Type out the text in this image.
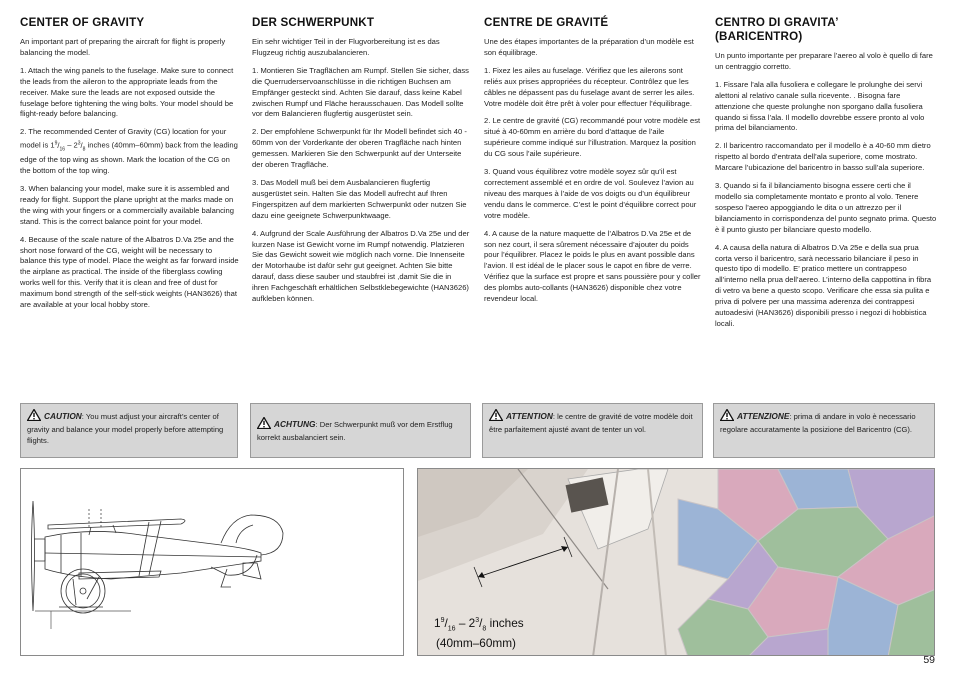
CENTER OF GRAVITY

An important part of preparing the aircraft for flight is properly balancing the model.

1. Attach the wing panels to the fuselage. Make sure to connect the leads from the aileron to the appropriate leads from the receiver. Make sure the leads are not exposed outside the fuselage before tightening the wing bolts. Your model should be flight-ready before balancing.

2. The recommended Center of Gravity (CG) location for your model is $1^9/_{16} - 2^3/_8$ inches (40mm–60mm) back from the leading edge of the top wing as shown. Mark the location of the CG on the bottom of the top wing.

3. When balancing your model, make sure it is assembled and ready for flight. Support the plane upright at the marks made on the wing with your fingers or a commercially available balancing stand. This is the correct balance point for your model.

4. Because of the scale nature of the Albatros D.Va 25e and the short nose forward of the CG, weight will be necessary to balance this type of model. Place the weight as far forward inside the airplane as practical. The inside of the fiberglass cowling works well for this. Verify that it is clean and free of dust for maximum bond strength of the self-stick weights (HAN3626) that are available at your local hobby store.

DER SCHWERPUNKT

Ein sehr wichtiger Teil in der Flugvorbereitung ist es das Flugzeug richtig auszubalancieren.

1. Montieren Sie Tragflächen am Rumpf. Stellen Sie sicher, dass die Querruderservoanschlüsse in die richtigen Buchsen am Empfänger gesteckt sind. Achten Sie darauf, dass keine Kabel zwischen Rumpf und Fläche herausschauen. Das Modell sollte vor dem Balancieren flugfertig ausgerüstet sein.

2. Der empfohlene Schwerpunkt für Ihr Modell befindet sich 40 - 60mm von der Vorderkante der oberen Tragfläche nach hinten gemessen. Markieren Sie den Schwerpunkt auf der Unterseite der oberen Tragfläche.

3. Das Modell muß bei dem Ausbalancieren flugfertig ausgerüstet sein. Halten Sie das Modell aufrecht auf Ihren Fingerspitzen auf dem markierten Schwerpunkt oder nutzen Sie dazu eine geeignete Schwerpunktwaage.

4. Aufgrund der Scale Ausführung der Albatros D.Va 25e und der kurzen Nase ist Gewicht vorne im Rumpf notwendig. Platzieren Sie das Gewicht soweit wie möglich nach vorne. Die Innenseite der Motorhaube ist dafür sehr gut geeignet. Achten Sie bitte darauf, dass diese sauber und staubfrei ist ,damit Sie die in ihren Fachgeschäft erhältlichen Selbstklebegewichte (HAN3626) aufkleben können.

CENTRE DE GRAVITÉ

Une des étapes importantes de la préparation d’un modèle est son équilibrage.

1. Fixez les ailes au fuselage. Vérifiez que les ailerons sont reliés aux prises appropriées du récepteur. Contrôlez que les câbles ne dépassent pas du fuselage avant de serrer les ailes. Votre modèle doit être prêt à voler pour effectuer l’équilibrage.

2. Le centre de gravité (CG) recommandé pour votre modèle est situé à 40-60mm en arrière du bord d’attaque de l’aile supérieure comme indiqué sur l’illustration. Marquez la position du CG sous l’aile supérieure.

3. Quand vous équilibrez votre modèle soyez sûr qu’il est correctement assemblé et en ordre de vol. Soulevez l’avion au niveau des marques à l’aide de vos doigts ou d’un équilibreur vendu dans le commerce. C’est le point d’équilibre correct pour votre modèle.

4. A cause de la nature maquette de l’Albatros D.Va 25e et de son nez court, il sera sûrement nécessaire d’ajouter du poids pour l’équilibrer. Placez le poids le plus en avant possible dans l’avion. Il est idéal de le placer sous le capot en fibre de verre. Vérifiez que la surface est propre et sans poussière pour y coller des plombs auto-collants (HAN3626) disponible chez votre revendeur local.

CENTRO DI GRAVITA’ (BARICENTRO)

Un punto importante per preparare l’aereo al volo è quello di fare un centraggio corretto.

1. Fissare l’ala alla fusoliera e collegare le prolunghe dei servi alettoni al relativo canale sulla ricevente. . Bisogna fare attenzione che queste prolunghe non sporgano dalla fusoliera quando si fissa l’ala. Il modello dovrebbe essere pronto al volo prima del bilanciamento.

2. Il baricentro raccomandato per il modello è a 40-60 mm dietro rispetto al bordo d’entrata dell’ala superiore, come mostrato. Marcare l’ubicazione del baricentro in basso sull’ala superiore.

3. Quando si fa il bilanciamento bisogna essere certi che il modello sia completamente montato e pronto al volo. Tenere sospeso l’aereo appoggiando le dita o un attrezzo per il bilanciamento in corrispondenza del punto segnato prima. Questo è il punto giusto per bilanciare questo modello.

4. A causa della natura di Albatros D.Va 25e e della sua prua corta verso il baricentro, sarà necessario bilanciare il peso in questo tipo di modello. E’ pratico mettere un contrappeso all’interno nella prua dell’aereo. L’interno della cappottina in fibra di vetro va bene a questo scopo. Verificare che essa sia pulita e priva di polvere per una massima aderenza dei contrappesi autoadesivi (HAN3626) disponibili presso i negozi di hobbistica locali.

CAUTION: You must adjust your aircraft’s center of gravity and balance your model properly before attempting flights.
ACHTUNG: Der Schwerpunkt muß vor dem Erstflug korrekt ausbalanciert sein.
ATTENTION: le centre de gravité de votre modèle doit être parfaitement ajusté avant de tenter un vol.
ATTENZIONE: prima di andare in volo è necessario regolare accuratamente la posizione del Baricentro (CG).
$1^9/_{16} - 2^3/_8$ inches
(40mm–60mm)
59
